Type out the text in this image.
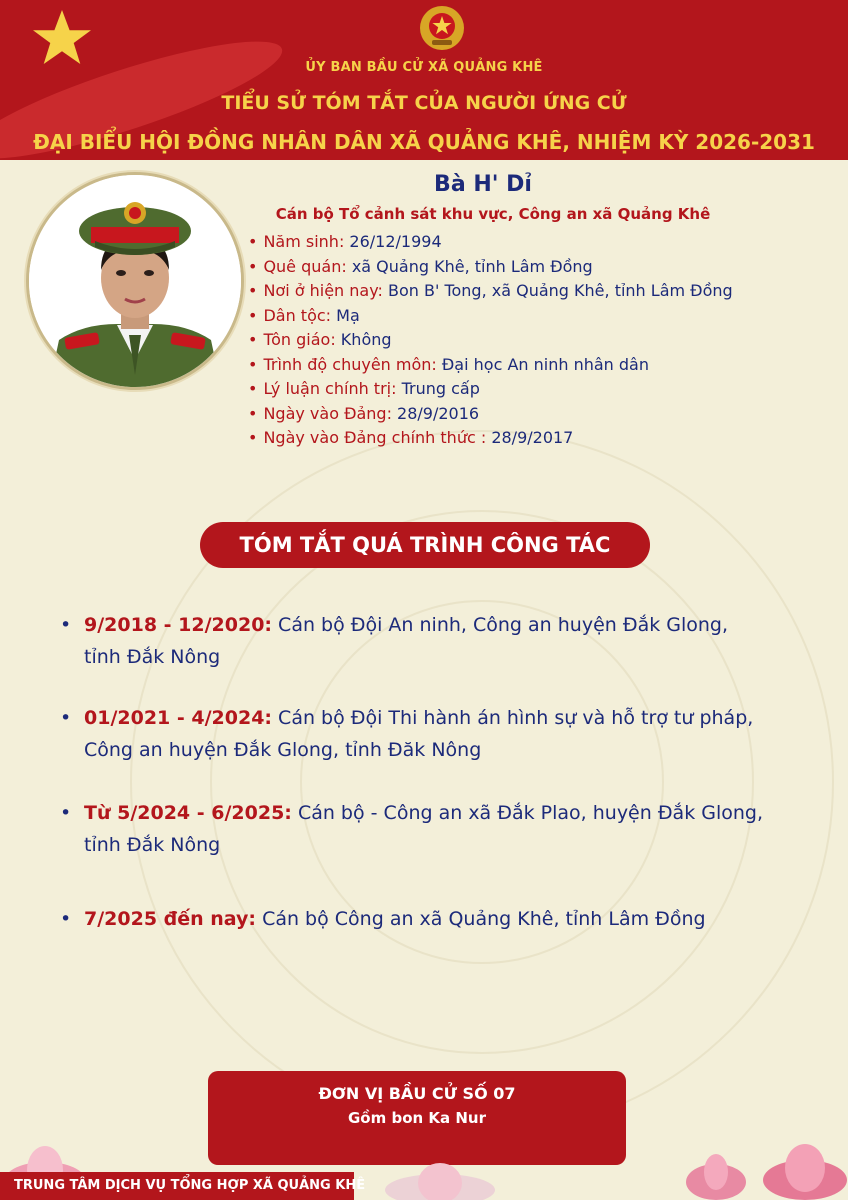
ỦY BAN BẦU CỬ XÃ QUẢNG KHÊ
TIỂU SỬ TÓM TẮT CỦA NGƯỜI ỨNG CỬ
ĐẠI BIỂU HỘI ĐỒNG NHÂN DÂN XÃ QUẢNG KHÊ, NHIỆM KỲ 2026-2031
Bà H' Dỉ
Cán bộ Tổ cảnh sát khu vực, Công an xã Quảng Khê
• Năm sinh: 26/12/1994
• Quê quán: xã Quảng Khê, tỉnh Lâm Đồng
• Nơi ở hiện nay: Bon B' Tong, xã Quảng Khê, tỉnh Lâm Đồng
• Dân tộc: Mạ
• Tôn giáo: Không
• Trình độ chuyên môn: Đại học An ninh nhân dân
• Lý luận chính trị: Trung cấp
• Ngày vào Đảng: 28/9/2016
• Ngày vào Đảng chính thức : 28/9/2017
TÓM TẮT QUÁ TRÌNH CÔNG TÁC
• 9/2018 - 12/2020: Cán bộ Đội An ninh, Công an huyện Đắk Glong,
tỉnh Đắk Nông
• 01/2021 - 4/2024: Cán bộ Đội Thi hành án hình sự và hỗ trợ tư pháp,
Công an huyện Đắk Glong, tỉnh Đăk Nông
• Từ 5/2024 - 6/2025: Cán bộ - Công an xã Đắk Plao, huyện Đắk Glong,
tỉnh Đắk Nông
• 7/2025 đến nay: Cán bộ Công an xã Quảng Khê, tỉnh Lâm Đồng
ĐƠN VỊ BẦU CỬ SỐ 07
Gồm bon Ka Nur
TRUNG TÂM DỊCH VỤ TỔNG HỢP XÃ QUẢNG KHÊ
